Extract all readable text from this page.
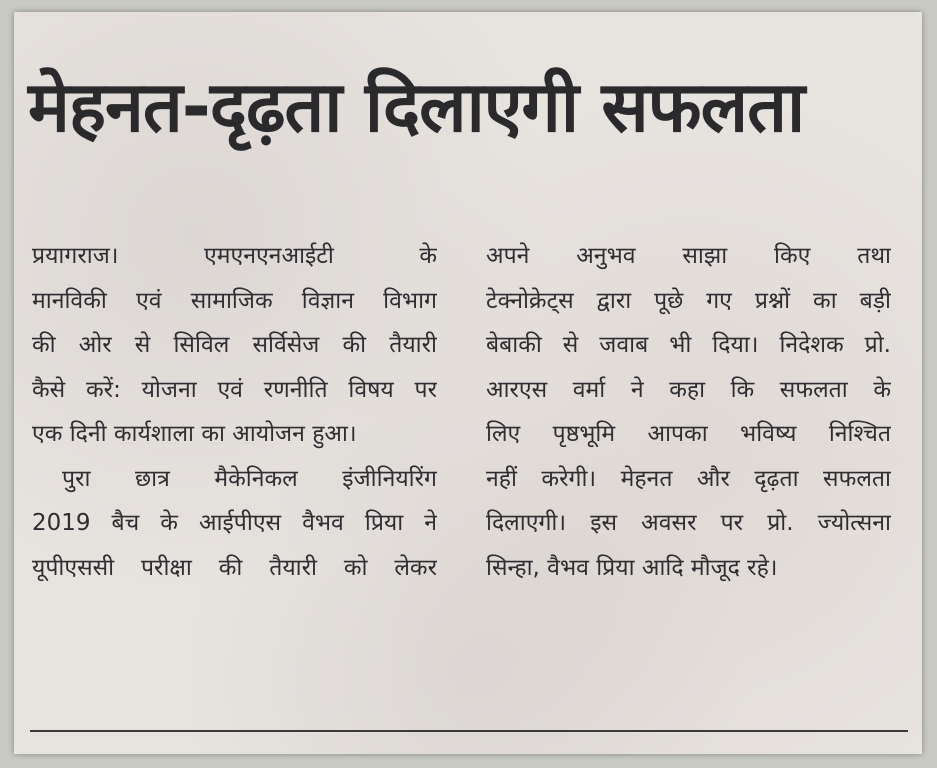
मेहनत-दृढ़ता दिलाएगी सफलता
प्रयागराज। एमएनएनआईटी के
मानविकी एवं सामाजिक विज्ञान विभाग
की ओर से सिविल सर्विसेज की तैयारी
कैसे करें: योजना एवं रणनीति विषय पर
एक दिनी कार्यशाला का आयोजन हुआ।
पुरा छात्र मैकेनिकल इंजीनियरिंग
2019 बैच के आईपीएस वैभव प्रिया ने
यूपीएससी परीक्षा की तैयारी को लेकर
अपने अनुभव साझा किए तथा
टेक्नोक्रेट्स द्वारा पूछे गए प्रश्नों का बड़ी
बेबाकी से जवाब भी दिया। निदेशक प्रो.
आरएस वर्मा ने कहा कि सफलता के
लिए पृष्ठभूमि आपका भविष्य निश्चित
नहीं करेगी। मेहनत और दृढ़ता सफलता
दिलाएगी। इस अवसर पर प्रो. ज्योत्सना
सिन्हा, वैभव प्रिया आदि मौजूद रहे।
